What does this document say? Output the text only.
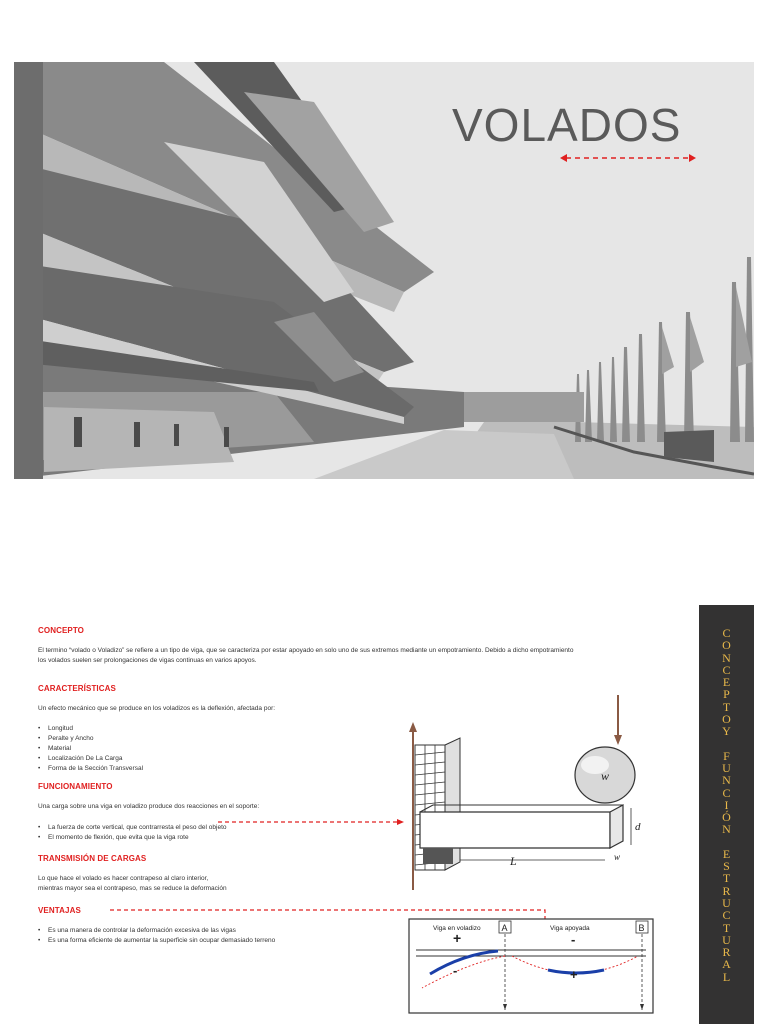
VOLADOS
CONCEPTO
El termino “volado o Voladizo” se refiere a un tipo de viga, que se caracteriza por estar apoyado en solo uno de sus extremos mediante un empotramiento. Debido a dicho empotramiento
los volados suelen ser prolongaciones de vigas continuas en varios apoyos.
CARACTERÍSTICAS
Un efecto mecánico que se produce en los voladizos es la deflexión, afectada por:
• Longitud
• Peralte y Ancho
• Material
• Localización De La Carga
• Forma de la Sección Transversal
FUNCIONAMIENTO
Una carga sobre una viga en voladizo produce dos reacciones en el soporte:
• La fuerza de corte vertical, que contrarresta el peso del objeto
• El momento de flexión, que evita que la viga rote
TRANSMISIÓN DE CARGAS
Lo que hace el volado es hacer contrapeso al claro interior,
mientras mayor sea el contrapeso, mas se reduce la deformación
VENTAJAS
• Es una manera de controlar la deformación excesiva de las vigas
• Es una forma eficiente de aumentar la superficie sin ocupar demasiado terreno
w
L
d
w
A	B
Viga en voladizo	Viga apoyada
+
-
-
+
C
O
N
C
E
P
T
O
Y
F
U
N
C
I
Ó
N
E
S
T
R
U
C
T
U
R
A
L
